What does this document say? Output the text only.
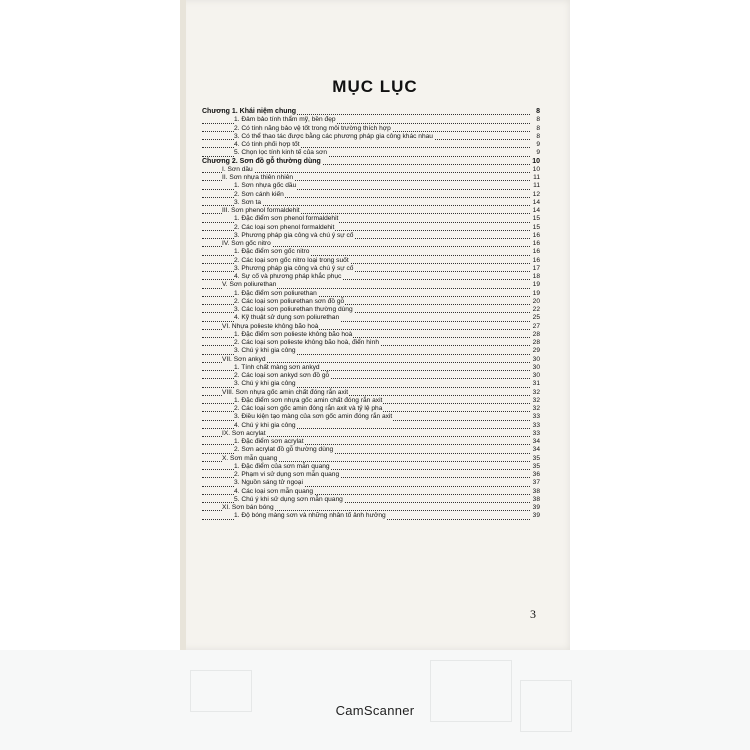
MỤC LỤC
Chương 1. Khái niệm chung	8
1. Đảm bảo tính thẩm mỹ, bền đẹp	8
2. Có tính năng bảo vệ tốt trong môi trường thích hợp	8
3. Có thể thao tác được bằng các phương pháp gia công khác nhau	8
4. Có tính phối hợp tốt	9
5. Chọn lọc tính kinh tế của sơn	9
Chương 2. Sơn đồ gỗ thường dùng	10
I. Sơn dầu	10
II. Sơn nhựa thiên nhiên	11
1. Sơn nhựa gốc dầu	11
2. Sơn cánh kiến	12
3. Sơn ta	14
III. Sơn phenol formaldehit	14
1. Đặc điểm sơn phenol formaldehit	15
2. Các loại sơn phenol formaldehit	15
3. Phương pháp gia công và chú ý sự cố	16
IV. Sơn gốc nitro	16
1. Đặc điểm sơn gốc nitro	16
2. Các loại sơn gốc nitro loại trong suốt	16
3. Phương pháp gia công và chú ý sự cố	17
4. Sự cố và phương pháp khắc phục	18
V. Sơn poliurethan	19
1. Đặc điểm sơn poliurethan	19
2. Các loại sơn poliurethan sơn đồ gỗ	20
3. Các loại sơn poliurethan thường dùng	22
4. Kỹ thuật sử dụng sơn poliurethan	25
VI. Nhựa polieste không bão hoà	27
1. Đặc điểm sơn polieste không bão hoà	28
2. Các loại sơn polieste không bão hoà, điển hình	28
3. Chú ý khi gia công	29
VII. Sơn ankyd	30
1. Tính chất màng sơn ankyd	30
2. Các loại sơn ankyd sơn đồ gỗ	30
3. Chú ý khi gia công	31
VIII. Sơn nhựa gốc amin chất đóng rắn axit	32
1. Đặc điểm sơn nhựa gốc amin chất đóng rắn axit	32
2. Các loại sơn gốc amin đóng rắn axit và tỷ lệ pha	32
3. Điều kiện tạo màng của sơn gốc amin đóng rắn axit	33
4. Chú ý khi gia công	33
IX. Sơn acrylat	33
1. Đặc điểm sơn acrylat	34
2. Sơn acrylat đồ gỗ thường dùng	34
X. Sơn mẫn quang	35
1. Đặc điểm của sơn mẫn quang	35
2. Phạm vi sử dụng sơn mẫn quang	36
3. Nguồn sáng tử ngoại	37
4. Các loại sơn mẫn quang	38
5. Chú ý khi sử dụng sơn mẫn quang	38
XI. Sơn bán bóng	39
1. Độ bóng màng sơn và những nhân tố ảnh hưởng	39
3
CamScanner
